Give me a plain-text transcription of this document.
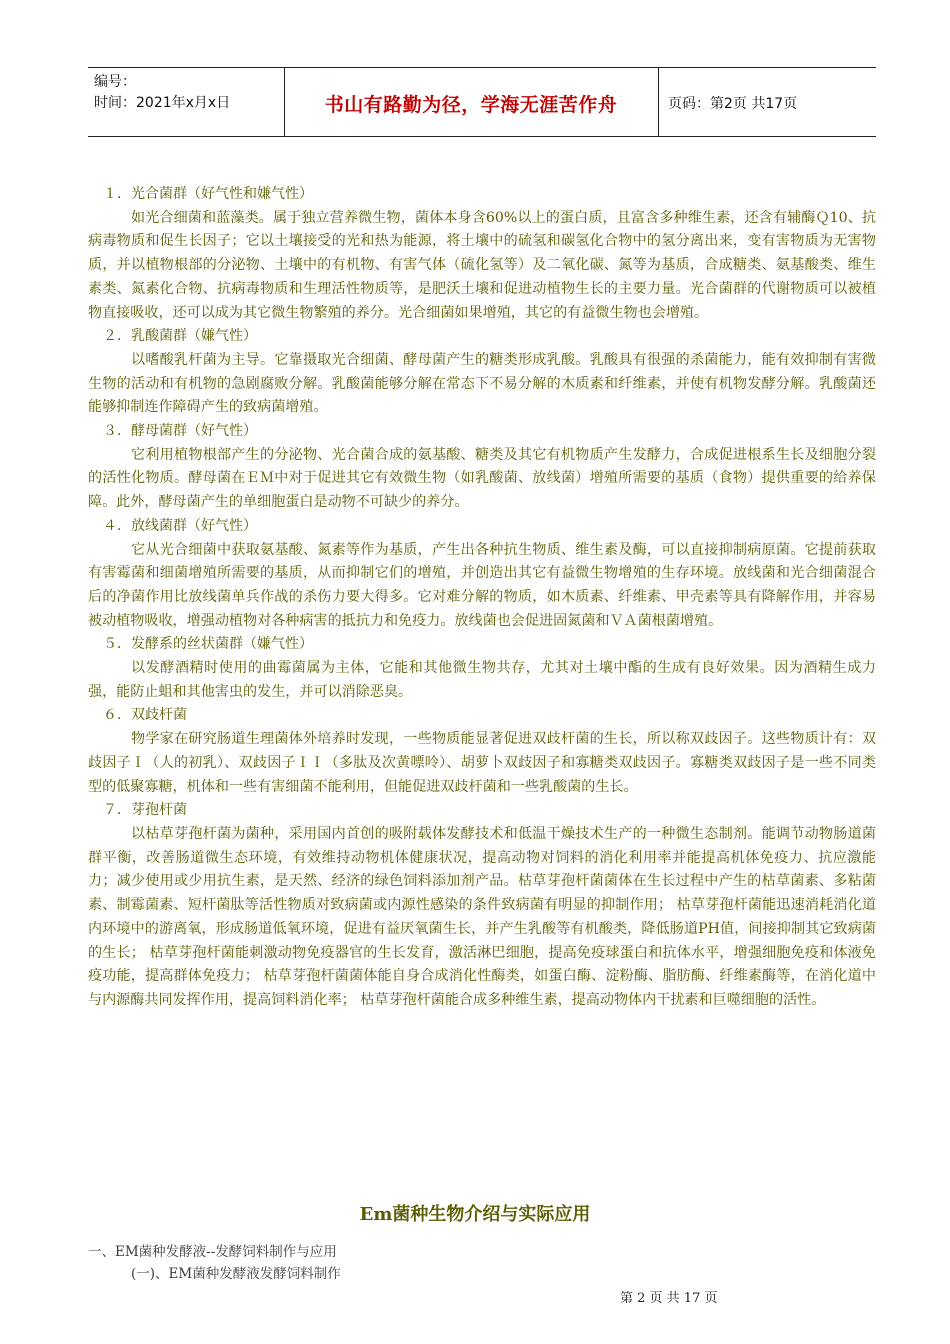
编号：
时间：2021年x月x日	书山有路勤为径，学海无涯苦作舟	页码：第2页 共17页

１．光合菌群（好气性和嫌气性）

如光合细菌和蓝藻类。属于独立营养微生物，菌体本身含60%以上的蛋白质，且富含多种维生素，还含有辅酶Ｑ10、抗病毒物质和促生长因子；它以土壤接受的光和热为能源，将土壤中的硫氢和碳氢化合物中的氢分离出来，变有害物质为无害物质，并以植物根部的分泌物、土壤中的有机物、有害气体（硫化氢等）及二氧化碳、氮等为基质，合成糖类、氨基酸类、维生素类、氮素化合物、抗病毒物质和生理活性物质等，是肥沃土壤和促进动植物生长的主要力量。光合菌群的代谢物质可以被植物直接吸收，还可以成为其它微生物繁殖的养分。光合细菌如果增殖，其它的有益微生物也会增殖。

２．乳酸菌群（嫌气性）

以嗜酸乳杆菌为主导。它靠摄取光合细菌、酵母菌产生的糖类形成乳酸。乳酸具有很强的杀菌能力，能有效抑制有害微生物的活动和有机物的急剧腐败分解。乳酸菌能够分解在常态下不易分解的木质素和纤维素，并使有机物发酵分解。乳酸菌还能够抑制连作障碍产生的致病菌增殖。

３．酵母菌群（好气性）

它利用植物根部产生的分泌物、光合菌合成的氨基酸、糖类及其它有机物质产生发酵力，合成促进根系生长及细胞分裂的活性化物质。酵母菌在ＥＭ中对于促进其它有效微生物（如乳酸菌、放线菌）增殖所需要的基质（食物）提供重要的给养保障。此外，酵母菌产生的单细胞蛋白是动物不可缺少的养分。

４．放线菌群（好气性）

它从光合细菌中获取氨基酸、氮素等作为基质，产生出各种抗生物质、维生素及酶，可以直接抑制病原菌。它提前获取有害霉菌和细菌增殖所需要的基质，从而抑制它们的增殖，并创造出其它有益微生物增殖的生存环境。放线菌和光合细菌混合后的净菌作用比放线菌单兵作战的杀伤力要大得多。它对难分解的物质，如木质素、纤维素、甲壳素等具有降解作用，并容易被动植物吸收，增强动植物对各种病害的抵抗力和免疫力。放线菌也会促进固氮菌和ＶＡ菌根菌增殖。

５．发酵系的丝状菌群（嫌气性）

以发酵酒精时使用的曲霉菌属为主体，它能和其他微生物共存，尤其对土壤中酯的生成有良好效果。因为酒精生成力强，能防止蛆和其他害虫的发生，并可以消除恶臭。

６．双歧杆菌

物学家在研究肠道生理菌体外培养时发现，一些物质能显著促进双歧杆菌的生长，所以称双歧因子。这些物质计有：双歧因子Ｉ（人的初乳）、双歧因子ＩＩ（多肽及次黄嘌呤）、胡萝卜双歧因子和寡糖类双歧因子。寡糖类双歧因子是一些不同类型的低聚寡糖，机体和一些有害细菌不能利用，但能促进双歧杆菌和一些乳酸菌的生长。

７．芽孢杆菌

以枯草芽孢杆菌为菌种，采用国内首创的吸附载体发酵技术和低温干燥技术生产的一种微生态制剂。能调节动物肠道菌群平衡，改善肠道微生态环境，有效维持动物机体健康状况，提高动物对饲料的消化利用率并能提高机体免疫力、抗应激能力；减少使用或少用抗生素，是天然、经济的绿色饲料添加剂产品。枯草芽孢杆菌菌体在生长过程中产生的枯草菌素、多粘菌素、制霉菌素、短杆菌肽等活性物质对致病菌或内源性感染的条件致病菌有明显的抑制作用； 枯草芽孢杆菌能迅速消耗消化道内环境中的游离氧，形成肠道低氧环境，促进有益厌氧菌生长，并产生乳酸等有机酸类，降低肠道PH值，间接抑制其它致病菌的生长； 枯草芽孢杆菌能刺激动物免疫器官的生长发育，激活淋巴细胞，提高免疫球蛋白和抗体水平，增强细胞免疫和体液免疫功能，提高群体免疫力； 枯草芽孢杆菌菌体能自身合成消化性酶类，如蛋白酶、淀粉酶、脂肪酶、纤维素酶等，在消化道中与内源酶共同发挥作用，提高饲料消化率； 枯草芽孢杆菌能合成多种维生素，提高动物体内干扰素和巨噬细胞的活性。

Em菌种生物介绍与实际应用
一、EM菌种发酵液--发酵饲料制作与应用
(一)、EM菌种发酵液发酵饲料制作
第 2 页 共 17 页
